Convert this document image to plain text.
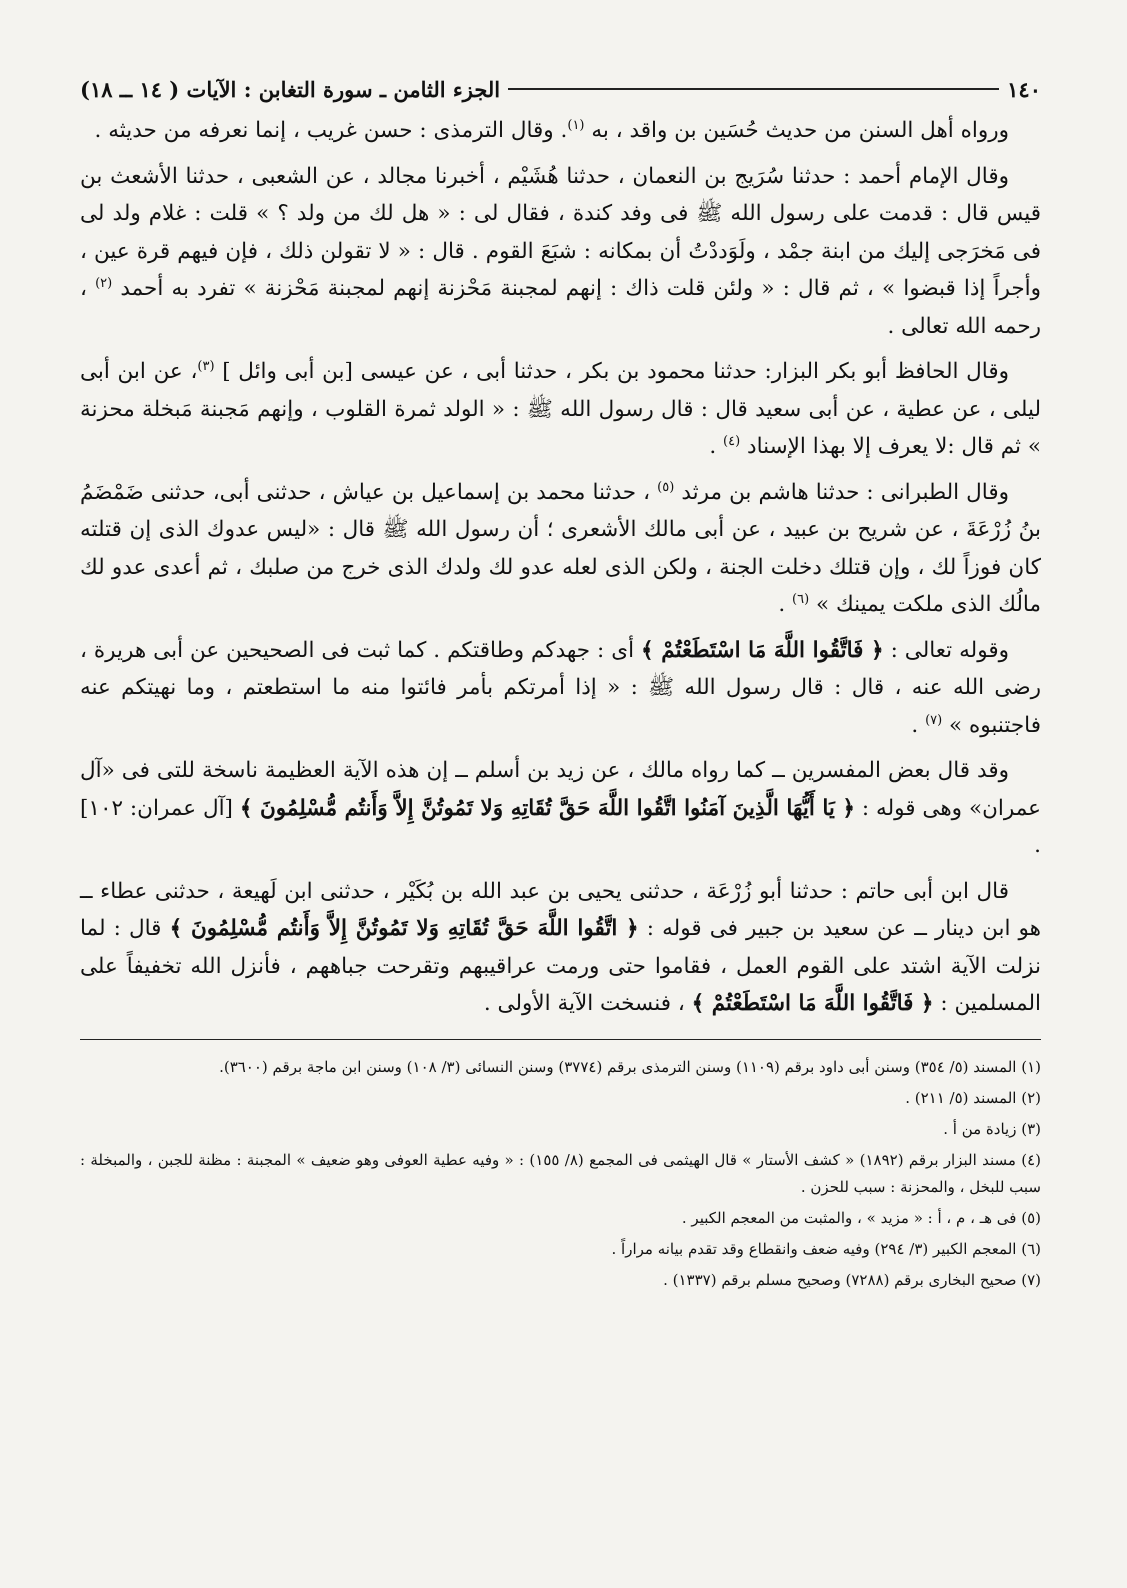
١٤٠
الجزء الثامن ـ سورة التغابن : الآيات ( ١٤ ــ ١٨)

ورواه أهل السنن من حديث حُسَين بن واقد ، به $^{(١)}$. وقال الترمذى : حسن غريب ، إنما نعرفه من حديثه .

وقال الإمام أحمد : حدثنا سُرَيج بن النعمان ، حدثنا هُشَيْم ، أخبرنا مجالد ، عن الشعبى ، حدثنا الأشعث بن قيس قال : قدمت على رسول الله ﷺ فى وفد كندة ، فقال لى : « هل لك من ولد ؟ » قلت : غلام ولد لى فى مَخرَجى إليك من ابنة جمْد ، ولَوَددْتُ أن بمكانه : شبَعَ القوم . قال : « لا تقولن ذلك ، فإن فيهم قرة عين ، وأجراً إذا قبضوا » ، ثم قال : « ولئن قلت ذاك : إنهم لمجبنة مَحْزنة إنهم لمجبنة مَحْزنة » تفرد به أحمد $^{(٢)}$ ، رحمه الله تعالى .

وقال الحافظ أبو بكر البزار: حدثنا محمود بن بكر ، حدثنا أبى ، عن عيسى [بن أبى وائل ] $^{(٣)}$، عن ابن أبى ليلى ، عن عطية ، عن أبى سعيد قال : قال رسول الله ﷺ : « الولد ثمرة القلوب ، وإنهم مَجبنة مَبخلة محزنة » ثم قال :لا يعرف إلا بهذا الإسناد $^{(٤)}$ .

وقال الطبرانى : حدثنا هاشم بن مرثد $^{(٥)}$ ، حدثنا محمد بن إسماعيل بن عياش ، حدثنى أبى، حدثنى ضَمْضَمُ بنُ زُرْعَةَ ، عن شريح بن عبيد ، عن أبى مالك الأشعرى ؛ أن رسول الله ﷺ قال : «ليس عدوك الذى إن قتلته كان فوزاً لك ، وإن قتلك دخلت الجنة ، ولكن الذى لعله عدو لك ولدك الذى خرج من صلبك ، ثم أعدى عدو لك مالُك الذى ملكت يمينك » $^{(٦)}$ .

وقوله تعالى : ﴿ فَاتَّقُوا اللَّهَ مَا اسْتَطَعْتُمْ ﴾ أى : جهدكم وطاقتكم . كما ثبت فى الصحيحين عن أبى هريرة ، رضى الله عنه ، قال : قال رسول الله ﷺ : « إذا أمرتكم بأمر فائتوا منه ما استطعتم ، وما نهيتكم عنه فاجتنبوه » $^{(٧)}$ .

وقد قال بعض المفسرين ــ كما رواه مالك ، عن زيد بن أسلم ــ إن هذه الآية العظيمة ناسخة للتى فى «آل عمران» وهى قوله : ﴿ يَا أَيُّهَا الَّذِينَ آمَنُوا اتَّقُوا اللَّهَ حَقَّ تُقَاتِهِ وَلا تَمُوتُنَّ إِلاَّ وَأَنتُم مُّسْلِمُونَ ﴾ [آل عمران: ١٠٢] .

قال ابن أبى حاتم : حدثنا أبو زُرْعَة ، حدثنى يحيى بن عبد الله بن بُكَيْر ، حدثنى ابن لَهيعة ، حدثنى عطاء ــ هو ابن دينار ــ عن سعيد بن جبير فى قوله : ﴿ اتَّقُوا اللَّهَ حَقَّ تُقَاتِهِ وَلا تَمُوتُنَّ إِلاَّ وَأَنتُم مُّسْلِمُونَ ﴾ قال : لما نزلت الآية اشتد على القوم العمل ، فقاموا حتى ورمت عراقيبهم وتقرحت جباههم ، فأنزل الله تخفيفاً على المسلمين : ﴿ فَاتَّقُوا اللَّهَ مَا اسْتَطَعْتُمْ ﴾ ، فنسخت الآية الأولى .

(١) المسند (٥/ ٣٥٤) وسنن أبى داود برقم (١١٠٩) وسنن الترمذى برقم (٣٧٧٤) وسنن النسائى (٣/ ١٠٨) وسنن ابن ماجة برقم (٣٦٠٠).

(٢) المسند (٥/ ٢١١) .

(٣) زيادة من أ .

(٤) مسند البزار برقم (١٨٩٢) « كشف الأستار » قال الهيثمى فى المجمع (٨/ ١٥٥) : « وفيه عطية العوفى وهو ضعيف » المجبنة : مظنة للجبن ، والمبخلة : سبب للبخل ، والمحزنة : سبب للحزن .

(٥) فى هـ ، م ، أ : « مزيد » ، والمثبت من المعجم الكبير .

(٦) المعجم الكبير (٣/ ٢٩٤) وفيه ضعف وانقطاع وقد تقدم بيانه مراراً .

(٧) صحيح البخارى برقم (٧٢٨٨) وصحيح مسلم برقم (١٣٣٧) .
